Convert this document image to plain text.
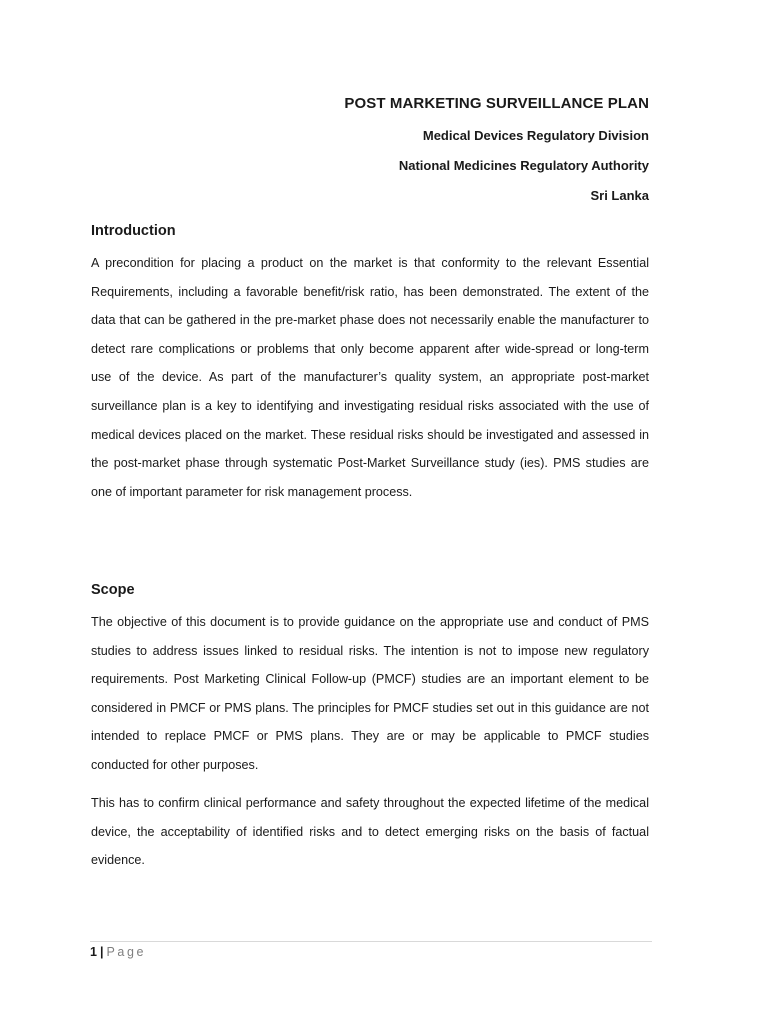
POST MARKETING SURVEILLANCE PLAN

Medical Devices Regulatory Division

National Medicines Regulatory Authority

Sri Lanka

Introduction

A precondition for placing a product on the market is that conformity to the relevant Essential Requirements, including a favorable benefit/risk ratio, has been demonstrated. The extent of the data that can be gathered in the pre-market phase does not necessarily enable the manufacturer to detect rare complications or problems that only become apparent after wide-spread or long-term use of the device. As part of the manufacturer’s quality system, an appropriate post-market surveillance plan is a key to identifying and investigating residual risks associated with the use of medical devices placed on the market. These residual risks should be investigated and assessed in the post-market phase through systematic Post-Market Surveillance study (ies). PMS studies are one of important parameter for risk management process.

Scope

The objective of this document is to provide guidance on the appropriate use and conduct of PMS studies to address issues linked to residual risks. The intention is not to impose new regulatory requirements. Post Marketing Clinical Follow-up (PMCF) studies are an important element to be considered in PMCF or PMS plans. The principles for PMCF studies set out in this guidance are not intended to replace PMCF or PMS plans. They are or may be applicable to PMCF studies conducted for other purposes.

This has to confirm clinical performance and safety throughout the expected lifetime of the medical device, the acceptability of identified risks and to detect emerging risks on the basis of factual evidence.

1 | Page
